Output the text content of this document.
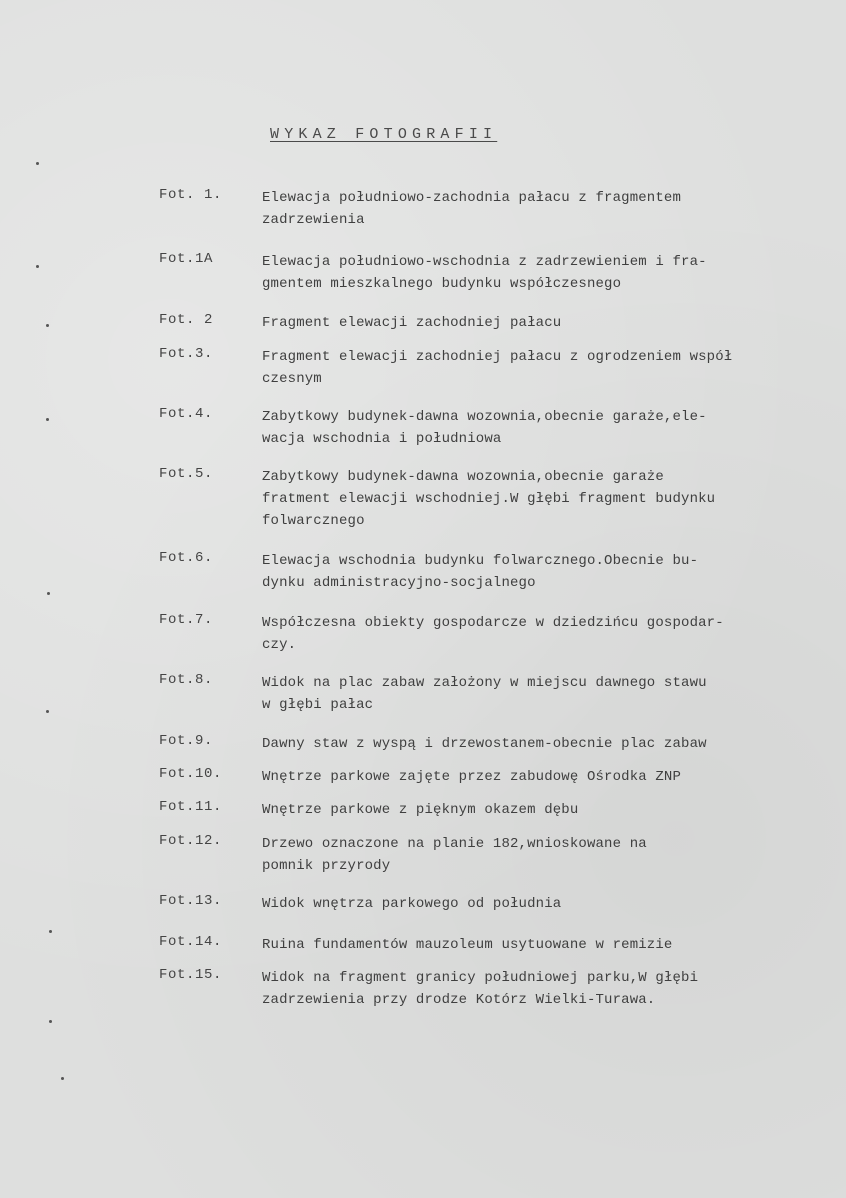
WYKAZ FOTOGRAFII
Fot. 1.	Elewacja południowo-zachodnia pałacu z fragmentem
zadrzewienia
Fot.1A	Elewacja południowo-wschodnia z zadrzewieniem i fra-
gmentem mieszkalnego budynku współczesnego
Fot. 2	Fragment elewacji zachodniej pałacu
Fot.3.	Fragment elewacji zachodniej pałacu z ogrodzeniem współ
czesnym
Fot.4.	Zabytkowy budynek-dawna wozownia,obecnie garaże,ele-
wacja wschodnia i południowa
Fot.5.	Zabytkowy budynek-dawna wozownia,obecnie garaże
fratment elewacji wschodniej.W głębi fragment budynku
folwarcznego
Fot.6.	Elewacja wschodnia budynku folwarcznego.Obecnie bu-
dynku administracyjno-socjalnego
Fot.7.	Współczesna obiekty gospodarcze w dziedzińcu gospodar-
czy.
Fot.8.	Widok na plac zabaw założony w miejscu dawnego stawu
w głębi pałac
Fot.9.	Dawny staw z wyspą i drzewostanem-obecnie plac zabaw
Fot.10.	Wnętrze parkowe zajęte przez zabudowę Ośrodka ZNP
Fot.11.	Wnętrze parkowe z pięknym okazem dębu
Fot.12.	Drzewo oznaczone na planie 182,wnioskowane na
pomnik przyrody
Fot.13.	Widok wnętrza parkowego od południa
Fot.14.	Ruina fundamentów mauzoleum usytuowane w remizie
Fot.15.	Widok na fragment granicy południowej parku,W głębi
zadrzewienia przy drodze Kotórz Wielki-Turawa.
